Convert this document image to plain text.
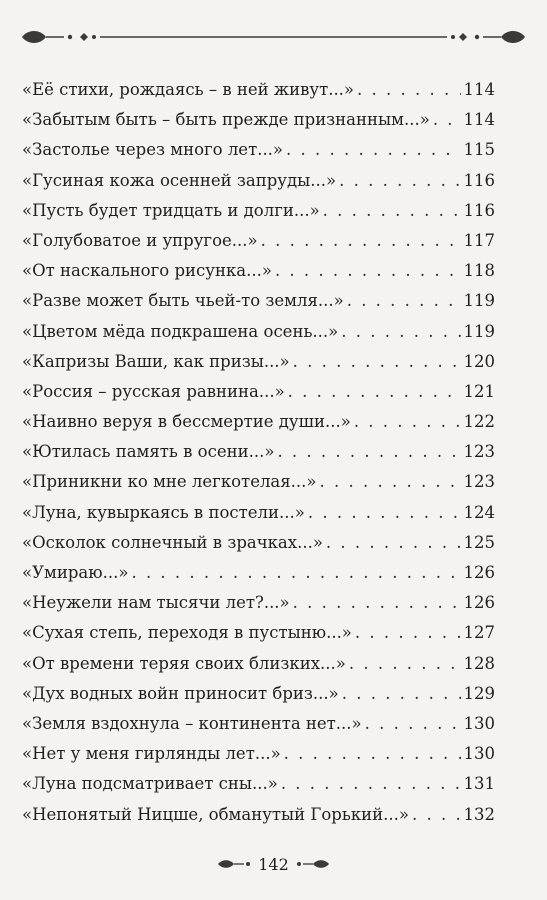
«Её стихи, рождаясь – в ней живут...» . . .	114
«Забытым быть – быть прежде признанным...» . . . 114
«Застолье через много лет...» . . .	115
«Гусиная кожа осенней запруды...» . . .	116
«Пусть будет тридцать и долги...» . . .	116
«Голубоватое и упругое...» . . .	117
«От наскального рисунка...» . . .	118
«Разве может быть чьей-то земля...» . . .	119
«Цветом мёда подкрашена осень...» . . .	119
«Капризы Ваши, как призы...» . . .	120
«Россия – русская равнина...» . . .	121
«Наивно веруя в бессмертие души...» . . .	122
«Ютилась память в осени...» . . .	123
«Приникни ко мне легкотелая...» . . .	123
«Луна, кувыркаясь в постели...» . . .	124
«Осколок солнечный в зрачках...» . . .	125
«Умираю...» . . .	126
«Неужели нам тысячи лет?...» . . .	126
«Сухая степь, переходя в пустыню...» . . .	127
«От времени теряя своих близких...» . . .	128
«Дух водных войн приносит бриз...» . . .	129
«Земля вздохнула – континента нет...» . . .	130
«Нет у меня гирлянды лет...» . . .	130
«Луна подсматривает сны...» . . .	131
«Непонятый Ницше, обманутый Горький...» . . .	132
142
